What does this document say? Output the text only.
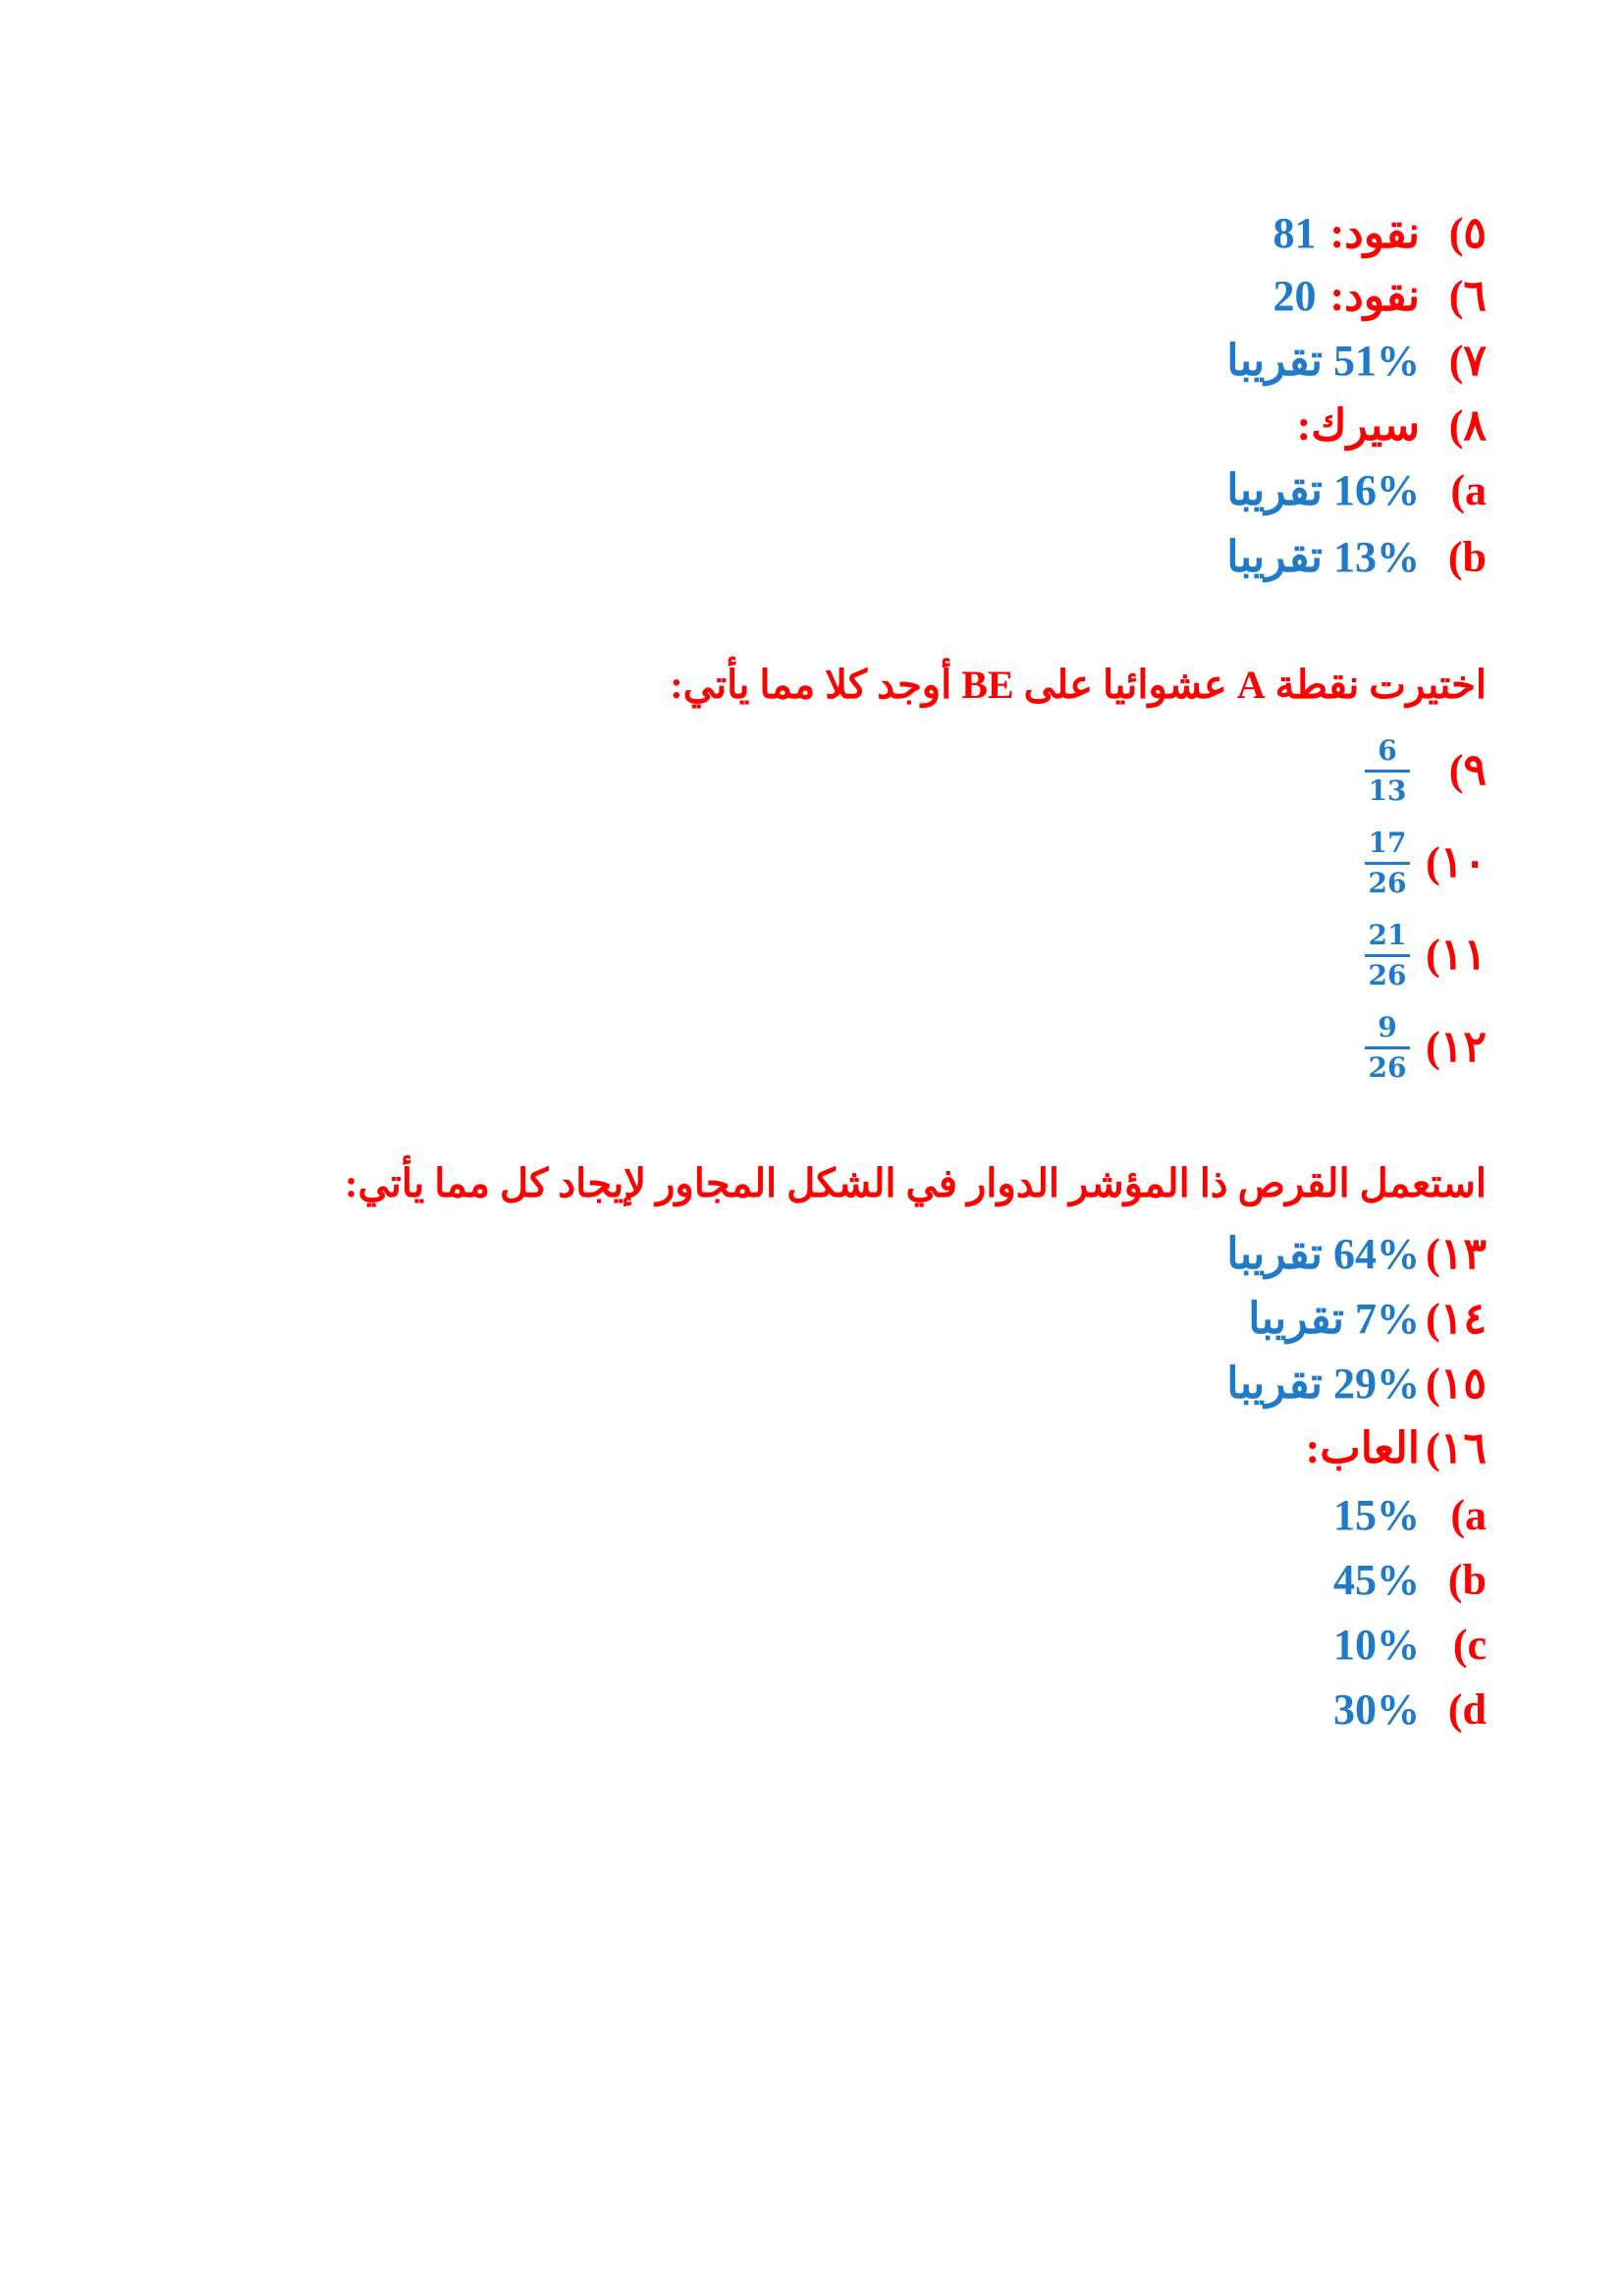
٥)
نقود:
81
٦)
نقود:
20
٧)
51% تقريبا
٨)
سيرك:
a)
16% تقريبا
b)
13% تقريبا
اختيرت نقطة A عشوائيا على BE أوجد كلا مما يأتي:
٩)
$\frac{6}{13}$
١٠)
$\frac{17}{26}$
١١)
$\frac{21}{26}$
١٢)
$\frac{9}{26}$
استعمل القرص ذا المؤشر الدوار في الشكل المجاور لإيجاد كل مما يأتي:
١٣)
64% تقريبا
١٤)
7% تقريبا
١٥)
29% تقريبا
١٦)
العاب:
a)
15%
b)
45%
c)
10%
d)
30%
